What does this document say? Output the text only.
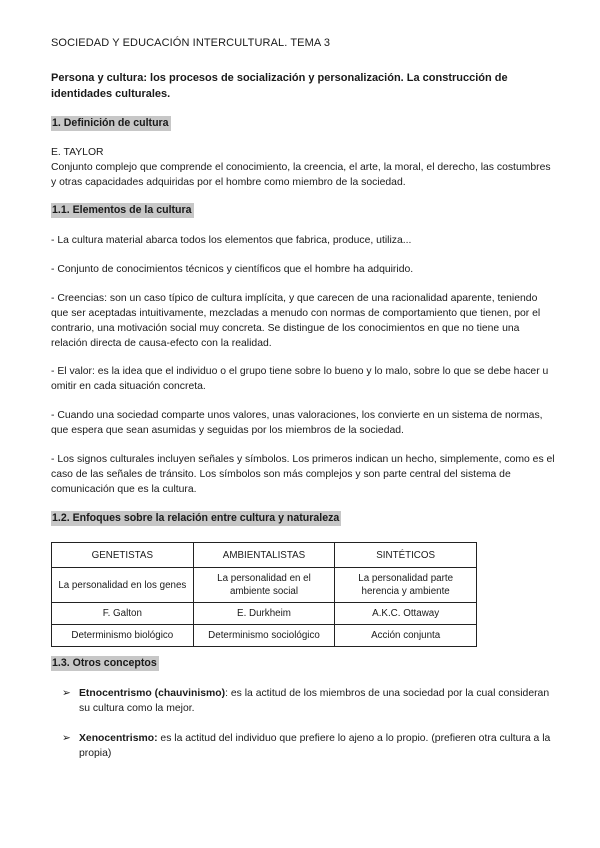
SOCIEDAD Y EDUCACIÓN INTERCULTURAL. TEMA 3

Persona y cultura: los procesos de socialización y personalización. La construcción de identidades culturales.

1. Definición de cultura

E. TAYLOR

Conjunto complejo que comprende el conocimiento, la creencia, el arte, la moral, el derecho, las costumbres y otras capacidades adquiridas por el hombre como miembro de la sociedad.

1.1. Elementos de la cultura

- La cultura material abarca todos los elementos que fabrica, produce, utiliza...

- Conjunto de conocimientos técnicos y científicos que el hombre ha adquirido.

- Creencias: son un caso típico de cultura implícita, y que carecen de una racionalidad aparente, teniendo que ser aceptadas intuitivamente, mezcladas a menudo con normas de comportamiento que tienen, por el contrario, una motivación social muy concreta. Se distingue de los conocimientos en que no tiene una relación directa de causa-efecto con la realidad.

- El valor: es la idea que el individuo o el grupo tiene sobre lo bueno y lo malo, sobre lo que se debe hacer u omitir en cada situación concreta.

- Cuando una sociedad comparte unos valores, unas valoraciones, los convierte en un sistema de normas, que espera que sean asumidas y seguidas por los miembros de la sociedad.

- Los signos culturales incluyen señales y símbolos. Los primeros indican un hecho, simplemente, como es el caso de las señales de tránsito. Los símbolos son más complejos y son parte central del sistema de comunicación que es la cultura.

1.2. Enfoques sobre la relación entre cultura y naturaleza

GENETISTAS	AMBIENTALISTAS	SINTÉTICOS
La personalidad en los genes	La personalidad en el ambiente social	La personalidad parte herencia y ambiente
F. Galton	E. Durkheim	A.K.C. Ottaway
Determinismo biológico	Determinismo sociológico	Acción conjunta

1.3. Otros conceptos

➢ Etnocentrismo (chauvinismo): es la actitud de los miembros de una sociedad por la cual consideran su cultura como la mejor.

➢ Xenocentrismo: es la actitud del individuo que prefiere lo ajeno a lo propio. (prefieren otra cultura a la propia)
